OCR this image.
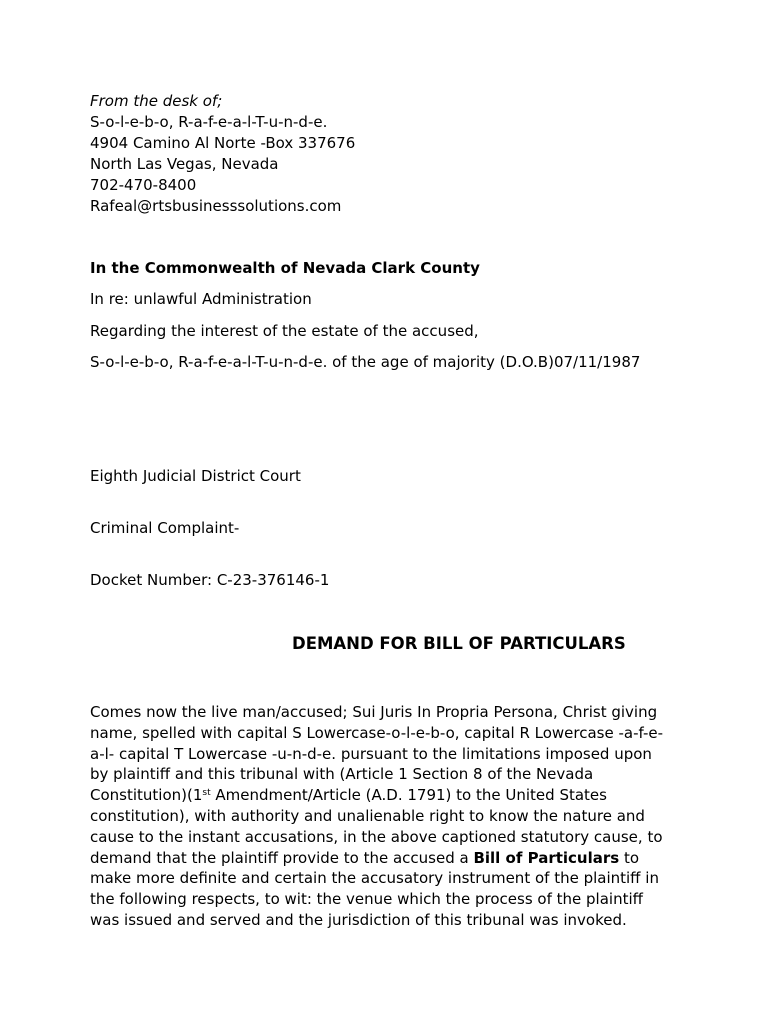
From the desk of;
S-o-l-e-b-o, R-a-f-e-a-l-T-u-n-d-e.
4904 Camino Al Norte -Box 337676
North Las Vegas, Nevada
702-470-8400
Rafeal@rtsbusinesssolutions.com
In the Commonwealth of Nevada Clark County
In re: unlawful Administration
Regarding the interest of the estate of the accused,
S-o-l-e-b-o, R-a-f-e-a-l-T-u-n-d-e. of the age of majority (D.O.B)07/11/1987
Eighth Judicial District Court
Criminal Complaint-
Docket Number: C-23-376146-1
DEMAND FOR BILL OF PARTICULARS
Comes now the live man/accused; Sui Juris In Propria Persona, Christ giving
name, spelled with capital S Lowercase-o-l-e-b-o, capital R Lowercase -a-f-e-
a-l- capital T Lowercase -u-n-d-e. pursuant to the limitations imposed upon
by plaintiff and this tribunal with (Article 1 Section 8 of the Nevada
Constitution)(1st Amendment/Article (A.D. 1791) to the United States
constitution), with authority and unalienable right to know the nature and
cause to the instant accusations, in the above captioned statutory cause, to
demand that the plaintiff provide to the accused a Bill of Particulars to
make more definite and certain the accusatory instrument of the plaintiff in
the following respects, to wit: the venue which the process of the plaintiff
was issued and served and the jurisdiction of this tribunal was invoked.
